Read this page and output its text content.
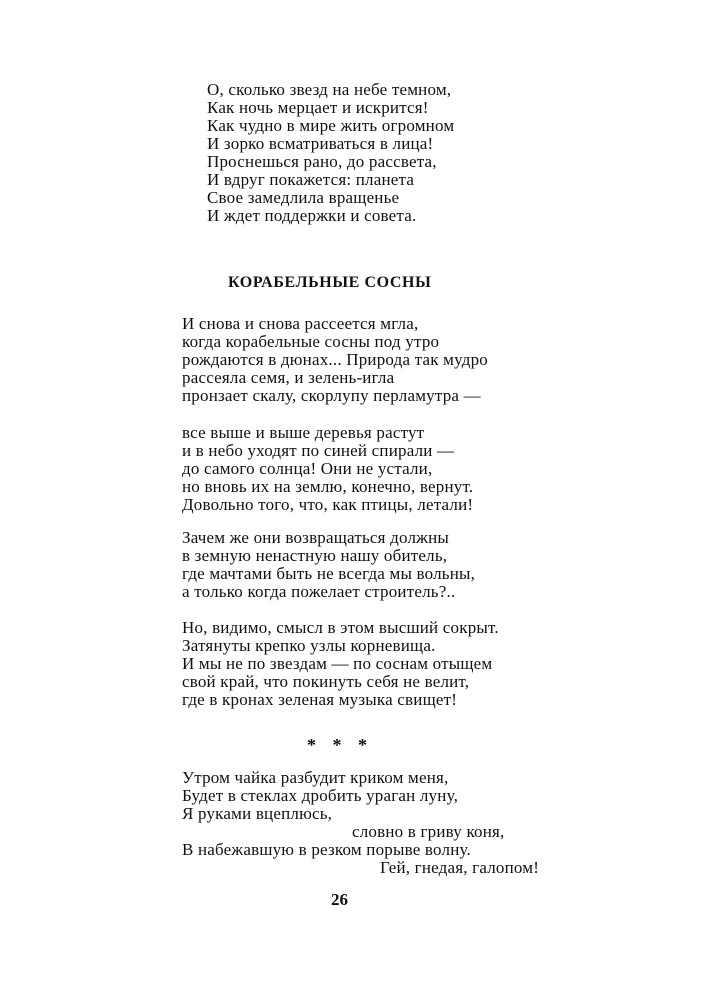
О, сколько звезд на небе темном,
Как ночь мерцает и искрится!
Как чудно в мире жить огромном
И зорко всматриваться в лица!
Проснешься рано, до рассвета,
И вдруг покажется: планета
Свое замедлила вращенье
И ждет поддержки и совета.
КОРАБЕЛЬНЫЕ СОСНЫ
И снова и снова рассеется мгла,
когда корабельные сосны под утро
рождаются в дюнах... Природа так мудро
рассеяла семя, и зелень-игла
пронзает скалу, скорлупу перламутра —
все выше и выше деревья растут
и в небо уходят по синей спирали —
до самого солнца! Они не устали,
но вновь их на землю, конечно, вернут.
Довольно того, что, как птицы, летали!
Зачем же они возвращаться должны
в земную ненастную нашу обитель,
где мачтами быть не всегда мы вольны,
а только когда пожелает строитель?..
Но, видимо, смысл в этом высший сокрыт.
Затянуты крепко узлы корневища.
И мы не по звездам — по соснам отыщем
свой край, что покинуть себя не велит,
где в кронах зеленая музыка свищет!
* * *
Утром чайка разбудит криком меня,
Будет в стеклах дробить ураган луну,
Я руками вцеплюсь,
словно в гриву коня,
В набежавшую в резком порыве волну.
Гей, гнедая, галопом!
26
